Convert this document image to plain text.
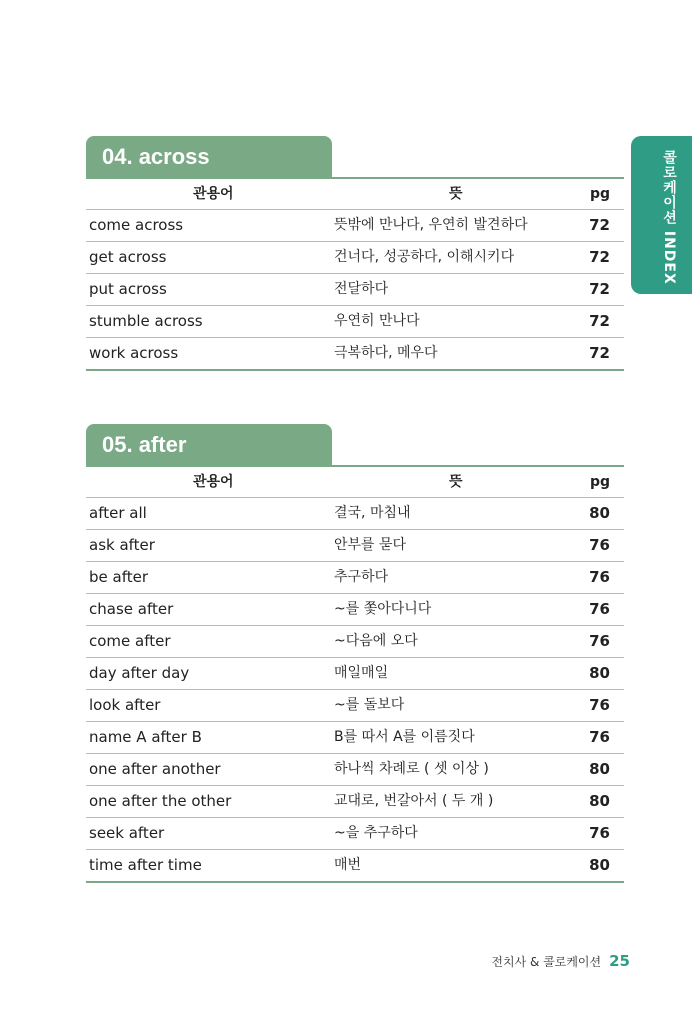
콜로케이션 INDEX
04. across
관용어	뜻	pg
come across	뜻밖에 만나다, 우연히 발견하다	72
get across	건너다, 성공하다, 이해시키다	72
put across	전달하다	72
stumble across	우연히 만나다	72
work across	극복하다, 메우다	72
05. after
관용어	뜻	pg
after all	결국, 마침내	80
ask after	안부를 묻다	76
be after	추구하다	76
chase after	~를 쫓아다니다	76
come after	~다음에 오다	76
day after day	매일매일	80
look after	~를 돌보다	76
name A after B	B를 따서 A를 이름짓다	76
one after another	하나씩 차례로 ( 셋 이상 )	80
one after the other	교대로, 번갈아서 ( 두 개 )	80
seek after	~을 추구하다	76
time after time	매번	80
전치사 & 콜로케이션 25
